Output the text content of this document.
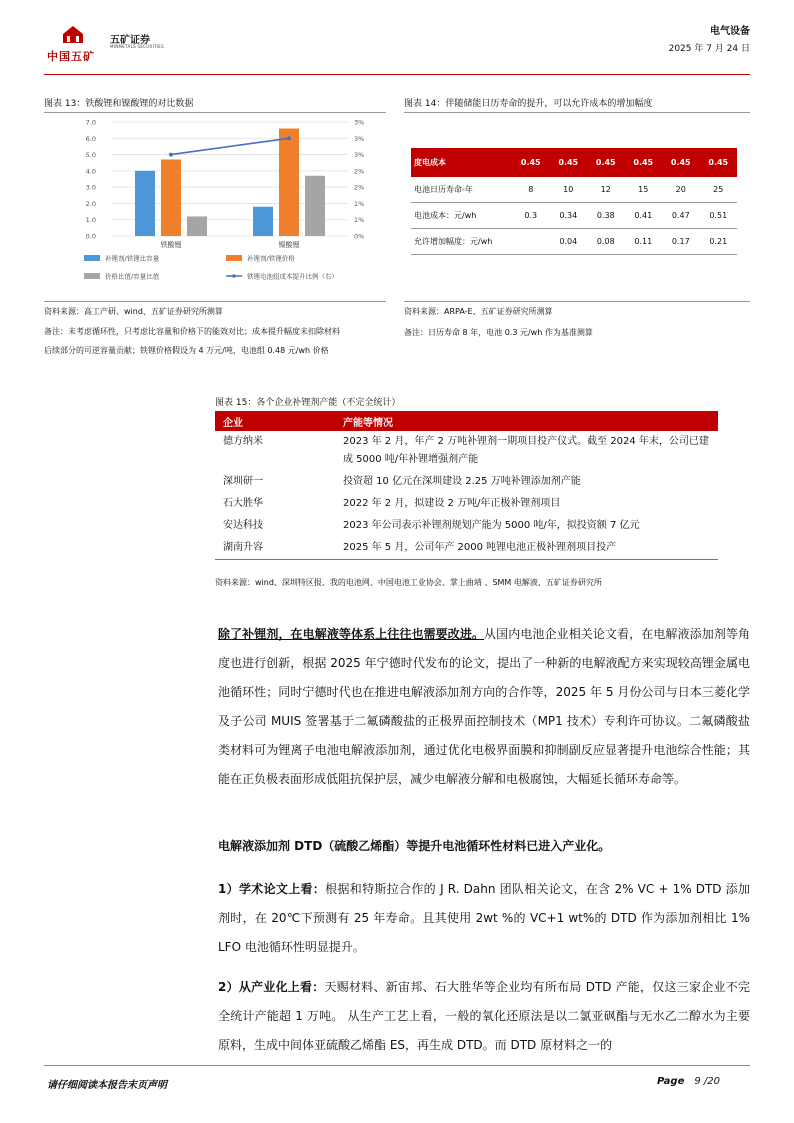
中国五矿
五矿证券
MINMETALS SECURITIES
电气设备
2025 年 7 月 24 日
图表 13：铁酸锂和镍酸锂的对比数据
0.0
1.0
2.0
3.0
4.0
5.0
6.0
7.0
0%
1%
1%
2%
2%
3%
3%
3%
铁酸锂	镍酸锂
补锂剂/铁锂比容量	补锂剂/铁锂价格
价格比值/容量比值	铁锂电池组成本提升比例（右）
资料来源：高工产研、wind、五矿证券研究所测算
备注：未考虑循环性，只考虑比容量和价格下的能效对比；成本提升幅度未扣除材料
后续部分的可逆容量贡献；铁锂价格假设为 4 万元/吨，电池组 0.48 元/wh 价格
图表 14：伴随储能日历寿命的提升，可以允许成本的增加幅度
度电成本	0.45	0.45	0.45	0.45	0.45	0.45
电池日历寿命-年	8	10	12	15	20	25
电池成本：元/wh	0.3	0.34	0.38	0.41	0.47	0.51
允许增加幅度：元/wh		0.04	0.08	0.11	0.17	0.21
资料来源：ARPA-E、五矿证券研究所测算
备注：日历寿命 8 年，电池 0.3 元/wh 作为基准测算
图表 15：各个企业补锂剂产能（不完全统计）
企业	产能等情况
德方纳米	2023 年 2 月，年产 2 万吨补锂剂一期项目投产仪式。截至 2024 年末，公司已建成 5000 吨/年补锂增强剂产能
深圳研一	投资超 10 亿元在深圳建设 2.25 万吨补锂添加剂产能
石大胜华	2022 年 2 月，拟建设 2 万吨/年正极补锂剂项目
安达科技	2023 年公司表示补锂剂规划产能为 5000 吨/年，拟投资额 7 亿元
湖南升容	2025 年 5 月，公司年产 2000 吨锂电池正极补锂剂项目投产
资料来源：wind、深圳特区报、我的电池网、中国电池工业协会、掌上曲靖 、SMM 电解液、五矿证券研究所
除了补锂剂，在电解液等体系上往往也需要改进。从国内电池企业相关论文看，在电解液添加剂等角度也进行创新，根据 2025 年宁德时代发布的论文，提出了一种新的电解液配方来实现较高锂金属电池循环性；同时宁德时代也在推进电解液添加剂方向的合作等，2025 年 5 月份公司与日本三菱化学及子公司 MUIS 签署基于二氟磷酸盐的正极界面控制技术（MP1 技术）专利许可协议。二氟磷酸盐类材料可为锂离子电池电解液添加剂，通过优化电极界面膜和抑制副反应显著提升电池综合性能；其能在正负极表面形成低阻抗保护层，减少电解液分解和电极腐蚀，大幅延长循环寿命等。
电解液添加剂 DTD（硫酸乙烯酯）等提升电池循环性材料已进入产业化。
1）学术论文上看：根据和特斯拉合作的 J R. Dahn 团队相关论文，在含 2% VC + 1% DTD 添加剂时，在 20℃下预测有 25 年寿命。且其使用 2wt %的 VC+1 wt%的 DTD 作为添加剂相比 1% LFO 电池循环性明显提升。
2）从产业化上看：天赐材料、新宙邦、石大胜华等企业均有所布局 DTD 产能，仅这三家企业不完全统计产能超 1 万吨。 从生产工艺上看，一般的氧化还原法是以二氯亚砜酯与无水乙二醇水为主要原料，生成中间体亚硫酸乙烯酯 ES，再生成 DTD。而 DTD 原材料之一的
请仔细阅读本报告末页声明	Page 9 /20
